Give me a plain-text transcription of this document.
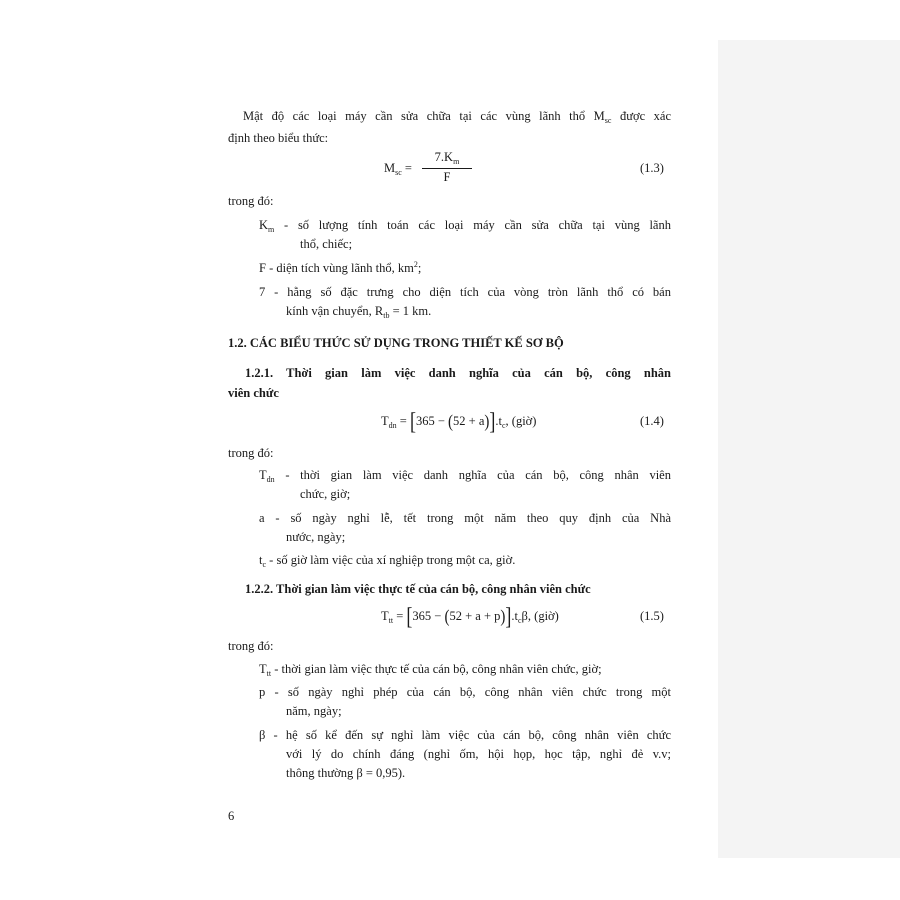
Mật độ các loại máy cần sửa chữa tại các vùng lãnh thổ $M_{sc}$ được xác
định theo biểu thức:
$M_{sc} = \frac{7.K_m}{F}$	(1.3)
trong đó:
$K_m$ - số lượng tính toán các loại máy cần sửa chữa tại vùng lãnh
thổ, chiếc;
F - diện tích vùng lãnh thổ, $km^2$;
7 - hằng số đặc trưng cho diện tích của vòng tròn lãnh thổ có bán
kính vận chuyển, $R_{tb} = 1$ km.
1.2. CÁC BIỂU THỨC SỬ DỤNG TRONG THIẾT KẾ SƠ BỘ
1.2.1. Thời gian làm việc danh nghĩa của cán bộ, công nhân
viên chức
$T_{dn} = [365 - (52 + a)].t_c$, (giờ)	(1.4)
trong đó:
$T_{dn}$ - thời gian làm việc danh nghĩa của cán bộ, công nhân viên
chức, giờ;
a - số ngày nghỉ lễ, tết trong một năm theo quy định của Nhà
nước, ngày;
$t_c$ - số giờ làm việc của xí nghiệp trong một ca, giờ.
1.2.2. Thời gian làm việc thực tế của cán bộ, công nhân viên chức
$T_{tt} = [365 - (52 + a + p)].t_c\beta$, (giờ)	(1.5)
trong đó:
$T_{tt}$ - thời gian làm việc thực tế của cán bộ, công nhân viên chức, giờ;
p - số ngày nghỉ phép của cán bộ, công nhân viên chức trong một
năm, ngày;
β - hệ số kể đến sự nghỉ làm việc của cán bộ, công nhân viên chức
với lý do chính đáng (nghỉ ốm, hội họp, học tập, nghỉ đẻ v.v;
thông thường β = 0,95).
6
